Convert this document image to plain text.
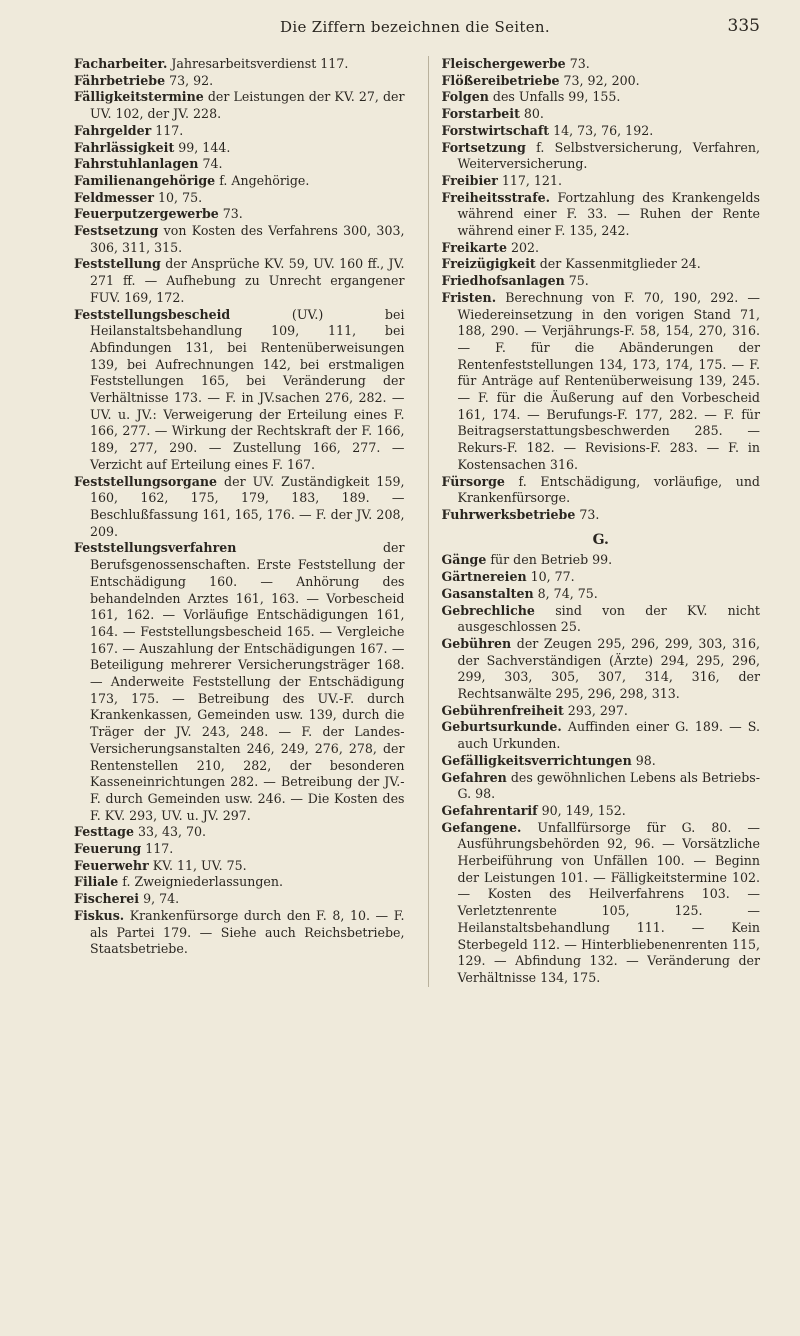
Die Ziffern bezeichnen die Seiten.	335

Facharbeiter. Jahresarbeitsverdienst 117.

Fährbetriebe 73, 92.

Fälligkeitstermine der Leistungen der KV. 27, der UV. 102, der JV. 228.

Fahrgelder 117.

Fahrlässigkeit 99, 144.

Fahrstuhlanlagen 74.

Familienangehörige f. Angehörige.

Feldmesser 10, 75.

Feuerputzergewerbe 73.

Festsetzung von Kosten des Verfahrens 300, 303, 306, 311, 315.

Feststellung der Ansprüche KV. 59, UV. 160 ff., JV. 271 ff. — Aufhebung zu Unrecht ergangener FUV. 169, 172.

Feststellungsbescheid (UV.) bei Heilanstaltsbehandlung 109, 111, bei Abfindungen 131, bei Rentenüberweisungen 139, bei Aufrechnungen 142, bei erstmaligen Feststellungen 165, bei Veränderung der Verhältnisse 173. — F. in JV.sachen 276, 282. — UV. u. JV.: Verweigerung der Erteilung eines F. 166, 277. — Wirkung der Rechtskraft der F. 166, 189, 277, 290. — Zustellung 166, 277. — Verzicht auf Erteilung eines F. 167.

Feststellungsorgane der UV. Zuständigkeit 159, 160, 162, 175, 179, 183, 189. — Beschlußfassung 161, 165, 176. — F. der JV. 208, 209.

Feststellungsverfahren der Berufsgenossenschaften. Erste Feststellung der Entschädigung 160. — Anhörung des behandelnden Arztes 161, 163. — Vorbescheid 161, 162. — Vorläufige Entschädigungen 161, 164. — Feststellungsbescheid 165. — Vergleiche 167. — Auszahlung der Entschädigungen 167. — Beteiligung mehrerer Versicherungsträger 168. — Anderweite Feststellung der Entschädigung 173, 175. — Betreibung des UV.-F. durch Krankenkassen, Gemeinden usw. 139, durch die Träger der JV. 243, 248. — F. der Landes-Versicherungsanstalten 246, 249, 276, 278, der Rentenstellen 210, 282, der besonderen Kasseneinrichtungen 282. — Betreibung der JV.-F. durch Gemeinden usw. 246. — Die Kosten des F. KV. 293, UV. u. JV. 297.

Festtage 33, 43, 70.

Feuerung 117.

Feuerwehr KV. 11, UV. 75.

Filiale f. Zweigniederlassungen.

Fischerei 9, 74.

Fiskus. Krankenfürsorge durch den F. 8, 10. — F. als Partei 179. — Siehe auch Reichsbetriebe, Staatsbetriebe.

Fleischergewerbe 73.

Flößereibetriebe 73, 92, 200.

Folgen des Unfalls 99, 155.

Forstarbeit 80.

Forstwirtschaft 14, 73, 76, 192.

Fortsetzung f. Selbstversicherung, Verfahren, Weiterversicherung.

Freibier 117, 121.

Freiheitsstrafe. Fortzahlung des Krankengelds während einer F. 33. — Ruhen der Rente während einer F. 135, 242.

Freikarte 202.

Freizügigkeit der Kassenmitglieder 24.

Friedhofsanlagen 75.

Fristen. Berechnung von F. 70, 190, 292. — Wiedereinsetzung in den vorigen Stand 71, 188, 290. — Verjährungs-F. 58, 154, 270, 316. — F. für die Abänderungen der Rentenfeststellungen 134, 173, 174, 175. — F. für Anträge auf Rentenüberweisung 139, 245. — F. für die Äußerung auf den Vorbescheid 161, 174. — Berufungs-F. 177, 282. — F. für Beitragserstattungsbeschwerden 285. — Rekurs-F. 182. — Revisions-F. 283. — F. in Kostensachen 316.

Fürsorge f. Entschädigung, vorläufige, und Krankenfürsorge.

Fuhrwerksbetriebe 73.

G.

Gänge für den Betrieb 99.

Gärtnereien 10, 77.

Gasanstalten 8, 74, 75.

Gebrechliche sind von der KV. nicht ausgeschlossen 25.

Gebühren der Zeugen 295, 296, 299, 303, 316, der Sachverständigen (Ärzte) 294, 295, 296, 299, 303, 305, 307, 314, 316, der Rechtsanwälte 295, 296, 298, 313.

Gebührenfreiheit 293, 297.

Geburtsurkunde. Auffinden einer G. 189. — S. auch Urkunden.

Gefälligkeitsverrichtungen 98.

Gefahren des gewöhnlichen Lebens als Betriebs-G. 98.

Gefahrentarif 90, 149, 152.

Gefangene. Unfallfürsorge für G. 80. — Ausführungsbehörden 92, 96. — Vorsätzliche Herbeiführung von Unfällen 100. — Beginn der Leistungen 101. — Fälligkeitstermine 102. — Kosten des Heilverfahrens 103. — Verletztenrente 105, 125. — Heilanstaltsbehandlung 111. — Kein Sterbegeld 112. — Hinterbliebenenrenten 115, 129. — Abfindung 132. — Veränderung der Verhältnisse 134, 175.
